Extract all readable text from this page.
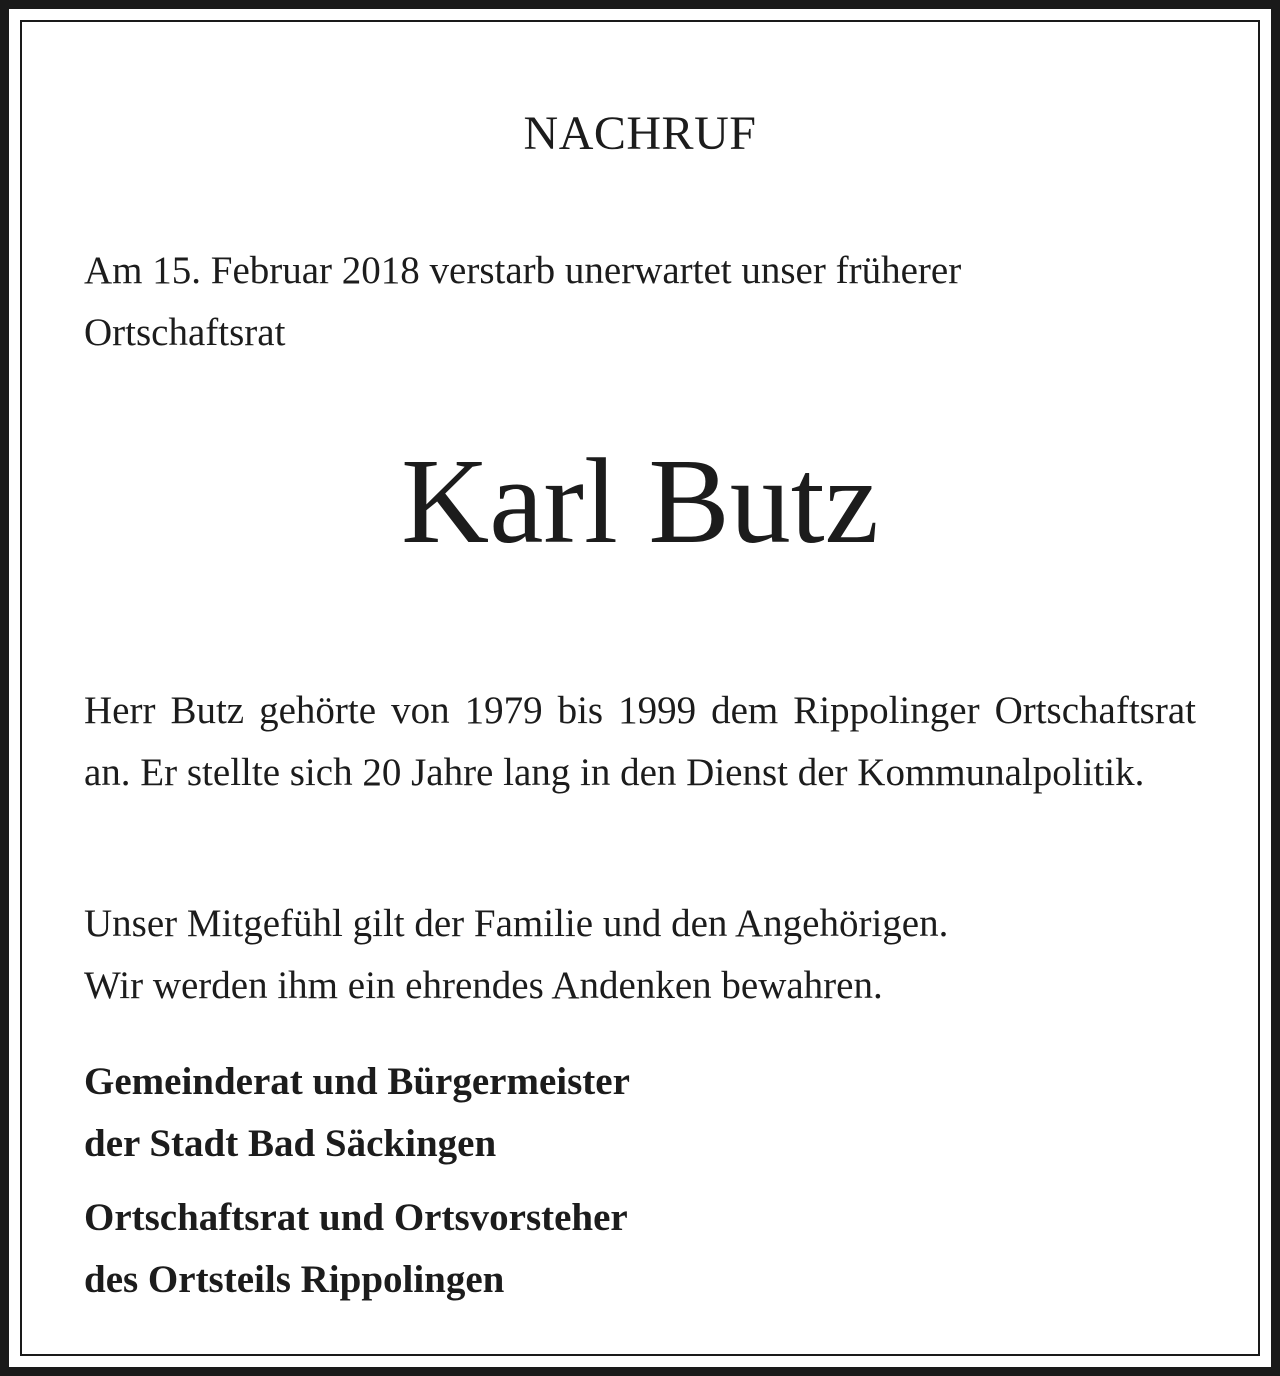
NACHRUF
Am 15. Februar 2018 verstarb unerwartet unser früherer
Ortschaftsrat
Karl Butz
Herr Butz gehörte von 1979 bis 1999 dem Rippolinger Ortschaftsrat an. Er stellte sich 20 Jahre lang in den Dienst der Kommunalpolitik.
Unser Mitgefühl gilt der Familie und den Angehörigen.
Wir werden ihm ein ehrendes Andenken bewahren.
Gemeinderat und Bürgermeister
der Stadt Bad Säckingen
Ortschaftsrat und Ortsvorsteher
des Ortsteils Rippolingen
